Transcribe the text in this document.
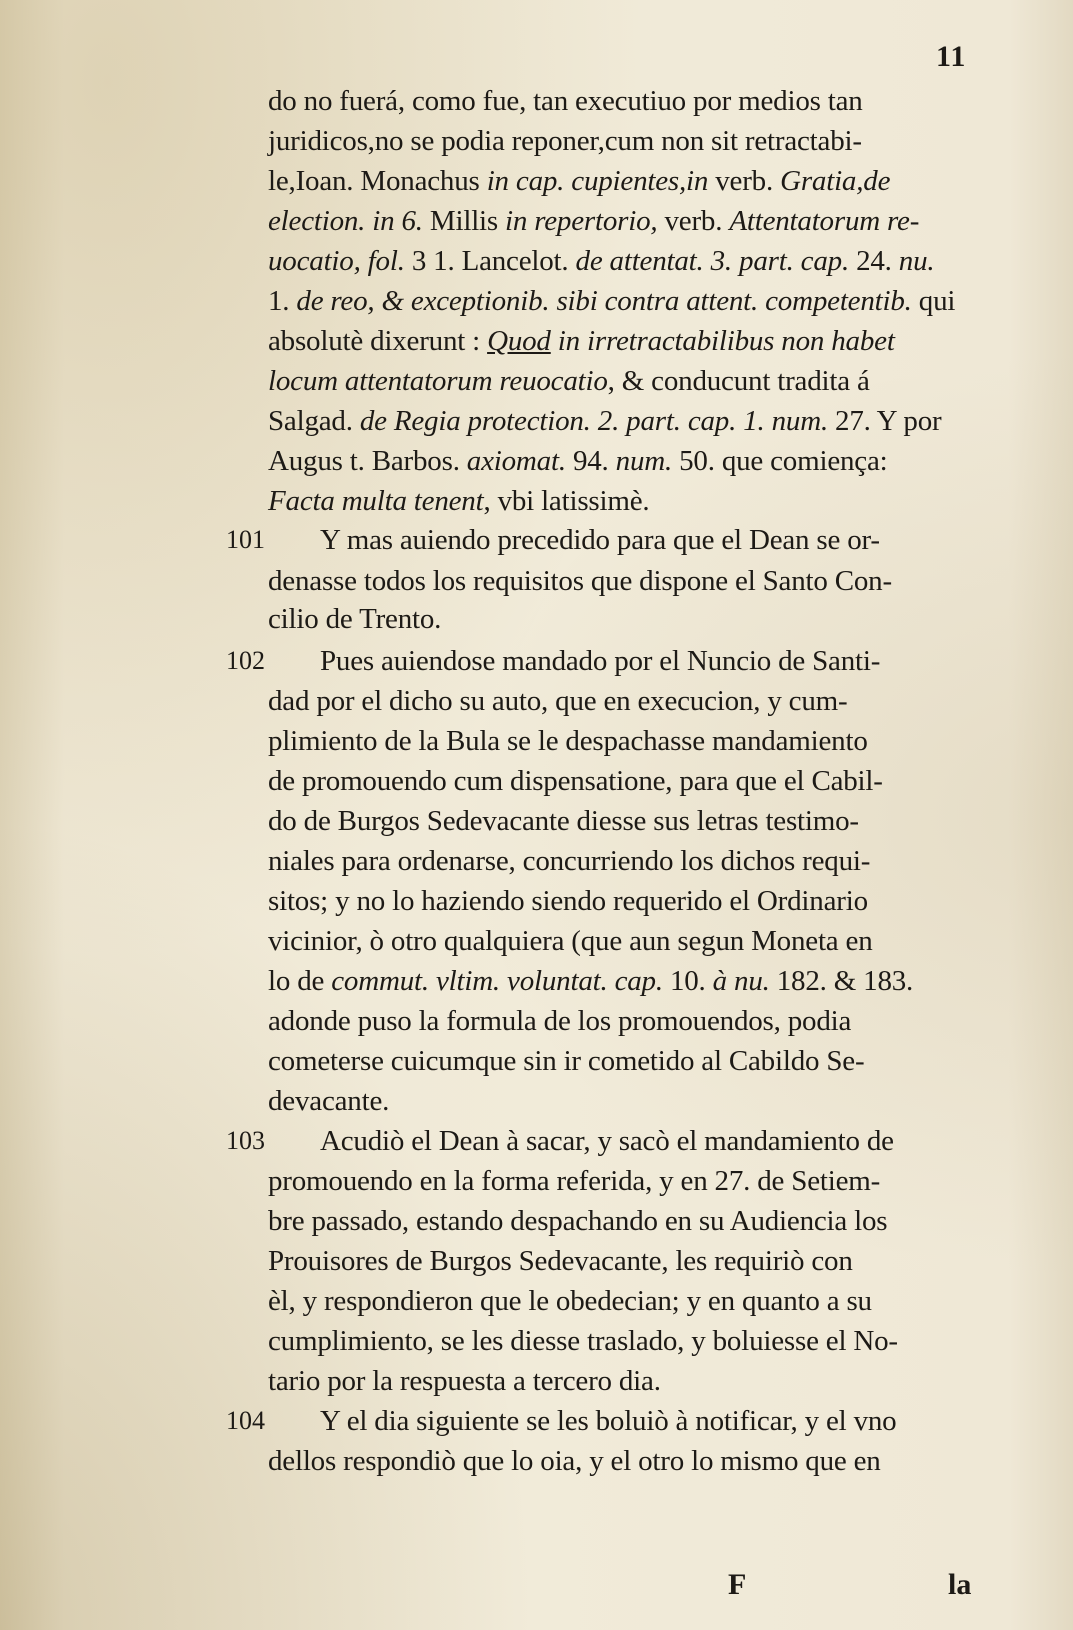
11
do no fuerá, como fue, tan executiuo por medios tan
juridicos,no se podia reponer,cum non sit retractabi-
le,Ioan. Monachus in cap. cupientes,in verb. Gratia,de
election. in 6. Millis in repertorio, verb. Attentatorum re-
uocatio, fol. 3 1. Lancelot. de attentat. 3. part. cap. 24. nu.
1. de reo, & exceptionib. sibi contra attent. competentib. qui
absolutè dixerunt : Quod in irretractabilibus non habet
locum attentatorum reuocatio, & conducunt tradita á
Salgad. de Regia protection. 2. part. cap. 1. num. 27. Y por
Augus t. Barbos. axiomat. 94. num. 50. que comiença:
Facta multa tenent, vbi latissimè.
Y mas auiendo precedido para que el Dean se or-
101
denasse todos los requisitos que dispone el Santo Con-
cilio de Trento.
Pues auiendose mandado por el Nuncio de Santi-
102
dad por el dicho su auto, que en execucion, y cum-
plimiento de la Bula se le despachasse mandamiento
de promouendo cum dispensatione, para que el Cabil-
do de Burgos Sedevacante diesse sus letras testimo-
niales para ordenarse, concurriendo los dichos requi-
sitos; y no lo haziendo siendo requerido el Ordinario
vicinior, ò otro qualquiera (que aun segun Moneta en
lo de commut. vltim. voluntat. cap. 10. à nu. 182. & 183.
adonde puso la formula de los promouendos, podia
cometerse cuicumque sin ir cometido al Cabildo Se-
devacante.
Acudiò el Dean à sacar, y sacò el mandamiento de
103
promouendo en la forma referida, y en 27. de Setiem-
bre passado, estando despachando en su Audiencia los
Prouisores de Burgos Sedevacante, les requiriò con
èl, y respondieron que le obedecian; y en quanto a su
cumplimiento, se les diesse traslado, y boluiesse el No-
tario por la respuesta a tercero dia.
Y el dia siguiente se les boluiò à notificar, y el vno
104
dellos respondiò que lo oia, y el otro lo mismo que en
F	la
